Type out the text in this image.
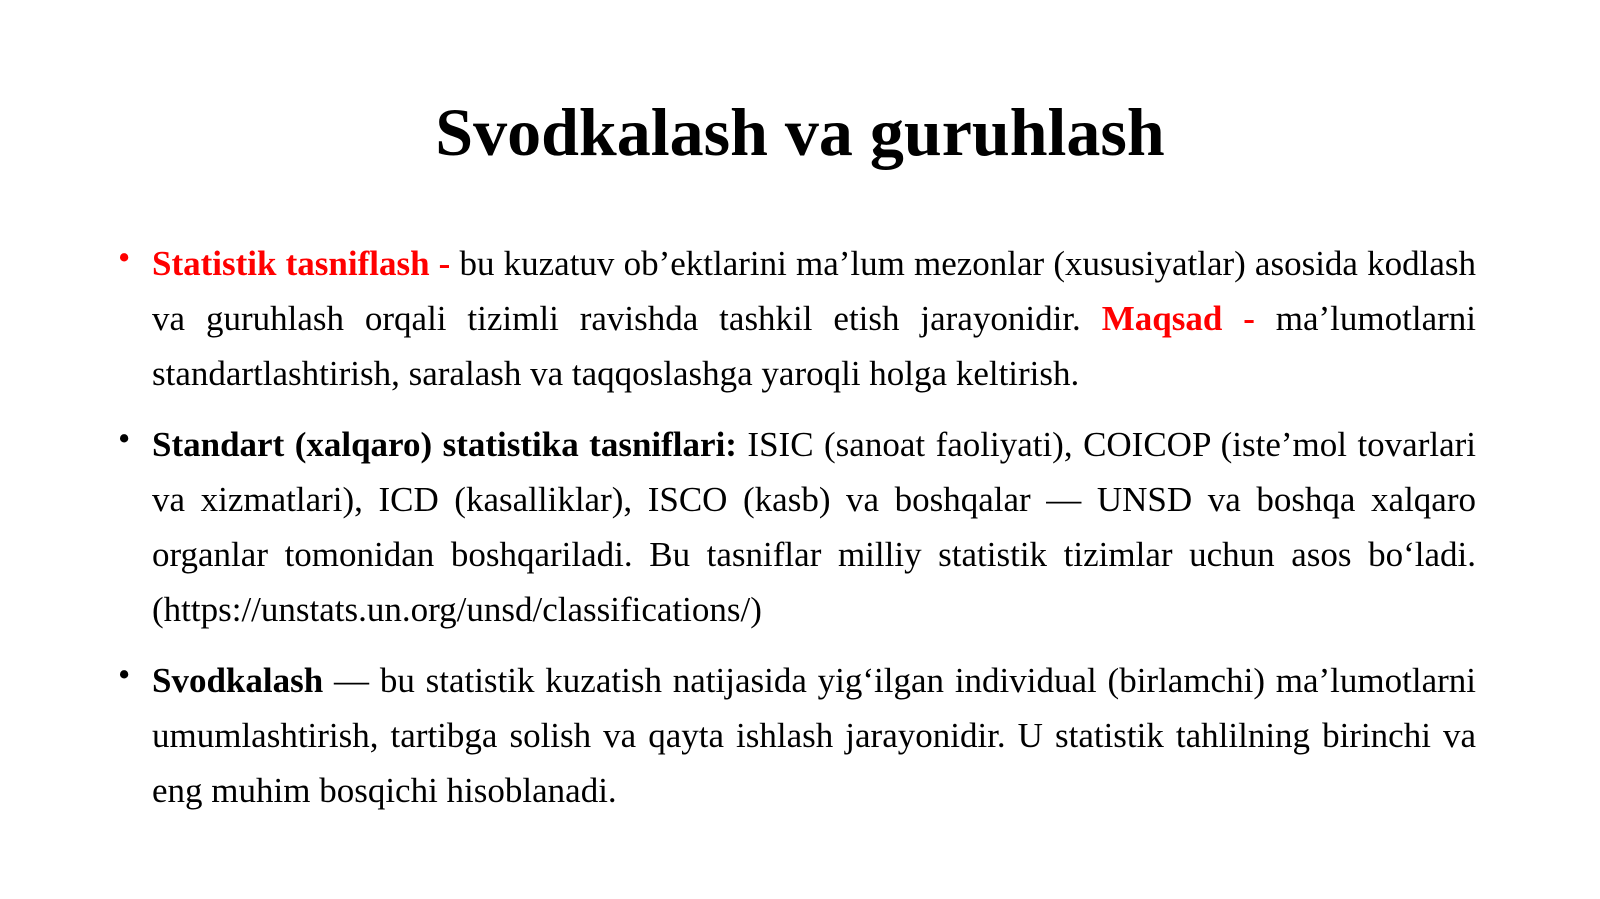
Svodkalash va guruhlash
• Statistik tasniflash - bu kuzatuv ob’ektlarini ma’lum mezonlar (xususiyatlar) asosida kodlash va guruhlash orqali tizimli ravishda tashkil etish jarayonidir. Maqsad - ma’lumotlarni standartlashtirish, saralash va taqqoslashga yaroqli holga keltirish.
• Standart (xalqaro) statistika tasniflari: ISIC (sanoat faoliyati), COICOP (iste’mol tovarlari va xizmatlari), ICD (kasalliklar), ISCO (kasb) va boshqalar — UNSD va boshqa xalqaro organlar tomonidan boshqariladi. Bu tasniflar milliy statistik tizimlar uchun asos bo‘ladi. (https://unstats.un.org/unsd/classifications/)
• Svodkalash — bu statistik kuzatish natijasida yig‘ilgan individual (birlamchi) ma’lumotlarni umumlashtirish, tartibga solish va qayta ishlash jarayonidir. U statistik tahlilning birinchi va eng muhim bosqichi hisoblanadi.
